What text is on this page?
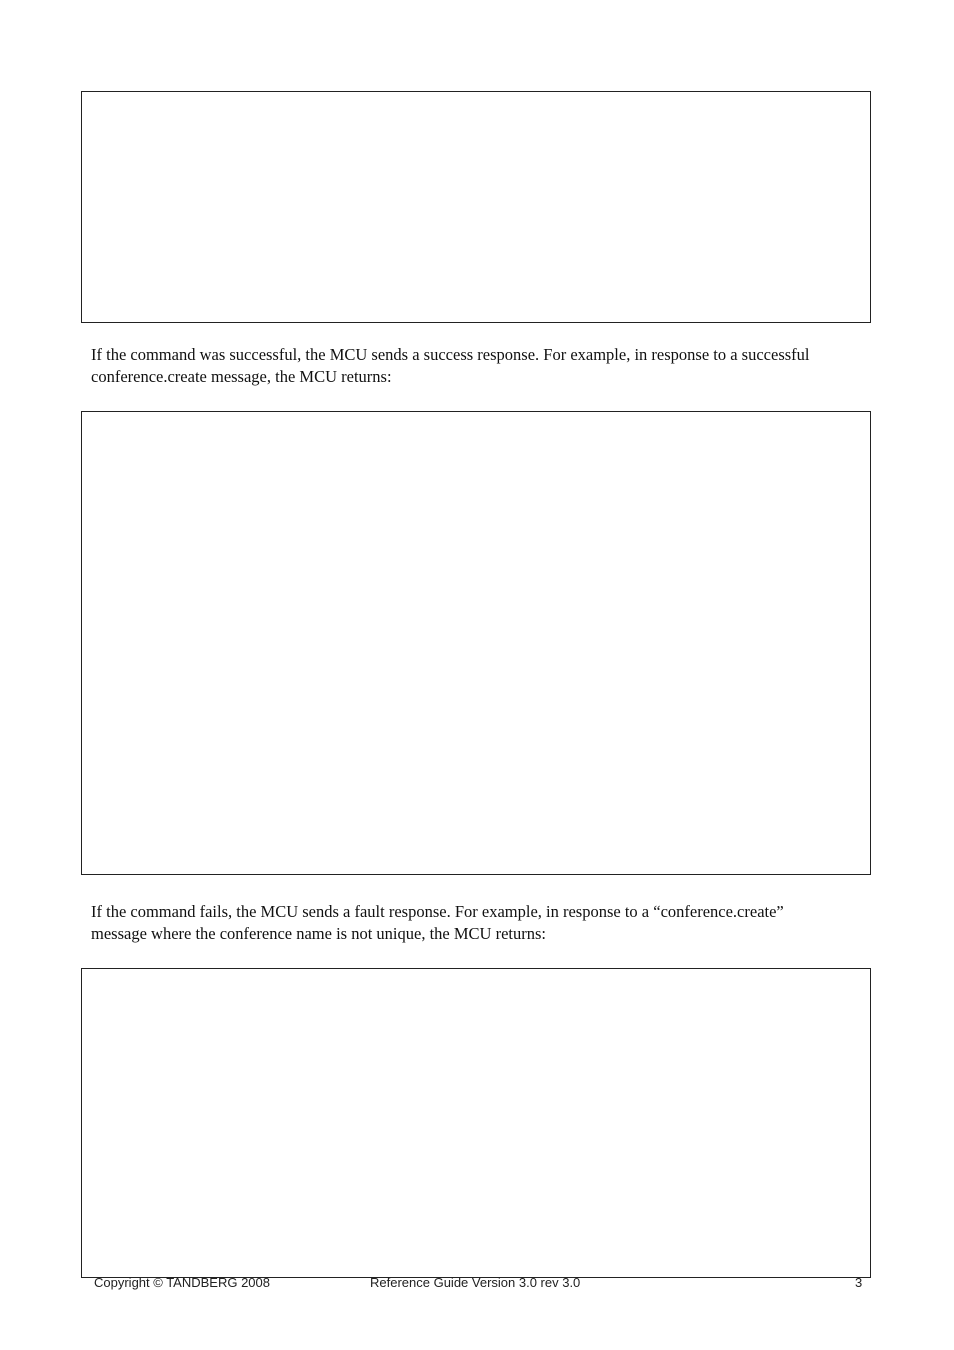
If the command was successful, the MCU sends a success response. For example, in response to a successful
conference.create message, the MCU returns:

If the command fails, the MCU sends a fault response. For example, in response to a “conference.create”
message where the conference name is not unique, the MCU returns:

Copyright © TANDBERG 2008	Reference Guide Version 3.0 rev 3.0	3
